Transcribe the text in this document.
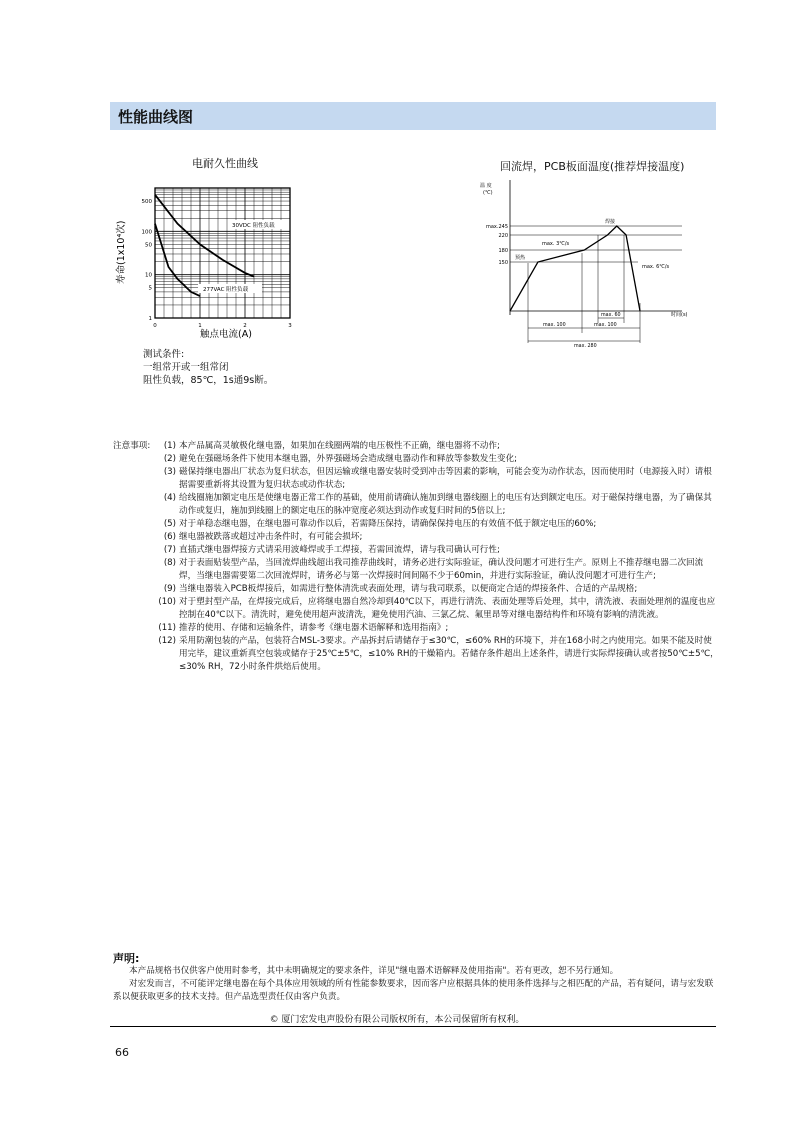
性能曲线图
电耐久性曲线
500
100
50
10
5
1
0	1	2	3
30VDC 阻性负载
277VAC 阻性负载
触点电流(A)
寿命(1x10⁴次)
测试条件:
一组常开或一组常闭
阻性负载，85℃，1s通9s断。
回流焊，PCB板面温度(推荐焊接温度)
温 度
(℃)
max.245
220
180
150
max. 3℃/s
预热
焊接
max. 6℃/s
时间(s)
max. 60
max. 100	max. 100
max. 280
注意事项:	(1) 本产品属高灵敏极化继电器，如果加在线圈两端的电压极性不正确，继电器将不动作;
(2) 避免在强磁场条件下使用本继电器，外界强磁场会造成继电器动作和释放等参数发生变化;
(3) 磁保持继电器出厂状态为复归状态，但因运输或继电器安装时受到冲击等因素的影响，可能会变为动作状态，因而使用时（电源接入时）请根据需要重新将其设置为复归状态或动作状态;
(4) 给线圈施加额定电压是使继电器正常工作的基础，使用前请确认施加到继电器线圈上的电压有达到额定电压。对于磁保持继电器，为了确保其动作或复归，施加到线圈上的额定电压的脉冲宽度必须达到动作或复归时间的5倍以上;
(5) 对于单稳态继电器，在继电器可靠动作以后，若需降压保持，请确保保持电压的有效值不低于额定电压的60%;
(6) 继电器被跌落或超过冲击条件时，有可能会损坏;
(7) 直插式继电器焊接方式请采用波峰焊或手工焊接，若需回流焊，请与我司确认可行性;
(8) 对于表面贴装型产品，当回流焊曲线超出我司推荐曲线时，请务必进行实际验证，确认没问题才可进行生产。原则上不推荐继电器二次回流焊，当继电器需要第二次回流焊时，请务必与第一次焊接时间间隔不少于60min，并进行实际验证，确认没问题才可进行生产;
(9) 当继电器装入PCB板焊接后，如需进行整体清洗或表面处理，请与我司联系，以便商定合适的焊接条件、合适的产品规格;
(10) 对于塑封型产品，在焊接完成后，应将继电器自然冷却到40℃以下，再进行清洗、表面处理等后处理，其中，清洗液、表面处理剂的温度也应控制在40℃以下。清洗时，避免使用超声波清洗，避免使用汽油、三氯乙烷、氟里昂等对继电器结构件和环境有影响的清洗液。
(11) 推荐的使用、存储和运输条件，请参考《继电器术语解释和选用指南》;
(12) 采用防潮包装的产品，包装符合MSL-3要求。产品拆封后请储存于≤30℃，≤60% RH的环境下，并在168小时之内使用完。如果不能及时使用完毕，建议重新真空包装或储存于25℃±5℃，≤10% RH的干燥箱内。若储存条件超出上述条件，请进行实际焊接确认或者按50℃±5℃，≤30% RH，72小时条件烘焙后使用。
声明:
本产品规格书仅供客户使用时参考，其中未明确规定的要求条件，详见"继电器术语解释及使用指南"。若有更改，恕不另行通知。
对宏发而言，不可能评定继电器在每个具体应用领域的所有性能参数要求，因而客户应根据具体的使用条件选择与之相匹配的产品，若有疑问，请与宏发联系以便获取更多的技术支持。但产品选型责任仅由客户负责。
© 厦门宏发电声股份有限公司版权所有，本公司保留所有权利。
66
